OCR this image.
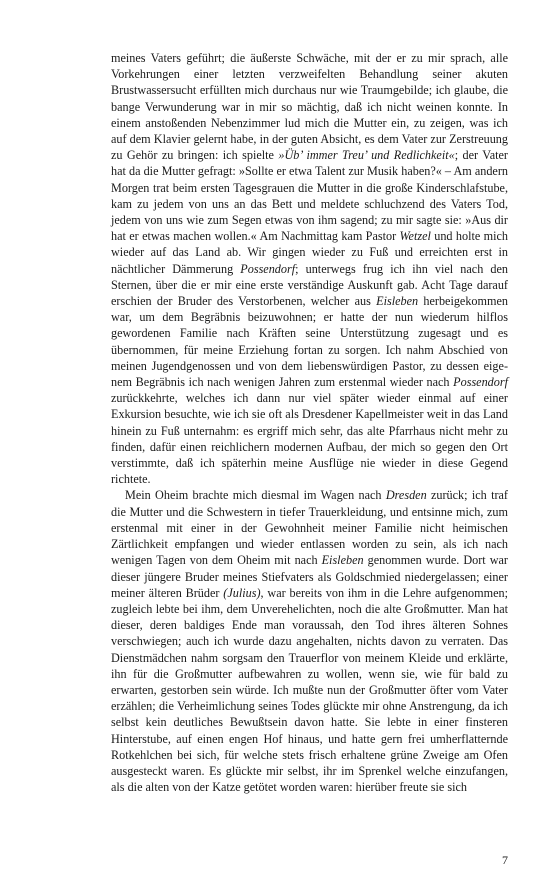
meines Vaters geführt; die äußerste Schwäche, mit der er zu mir sprach, alle Vorkehrungen einer letzten verzweifelten Behandlung seiner akuten Brustwassersucht erfüllten mich durchaus nur wie Traumgebilde; ich glaube, die bange Verwunderung war in mir so mächtig, daß ich nicht weinen konnte. In einem anstoßenden Nebenzimmer lud mich die Mutter ein, zu zeigen, was ich auf dem Klavier gelernt habe, in der guten Absicht, es dem Vater zur Zerstreuung zu Gehör zu bringen: ich spielte »Üb’ immer Treu’ und Redlichkeit«; der Vater hat da die Mutter gefragt: »Sollte er etwa Talent zur Musik haben?« – Am andern Morgen trat beim ersten Tagesgrauen die Mutter in die große Kinderschlafstube, kam zu jedem von uns an das Bett und meldete schluchzend des Vaters Tod, jedem von uns wie zum Segen etwas von ihm sagend; zu mir sagte sie: »Aus dir hat er etwas machen wollen.« Am Nachmittag kam Pastor Wetzel und holte mich wieder auf das Land ab. Wir gingen wieder zu Fuß und erreichten erst in nächtlicher Dämmerung Possendorf; unterwegs frug ich ihn viel nach den Sternen, über die er mir eine erste verständige Auskunft gab. Acht Tage darauf erschien der Bruder des Verstorbenen, welcher aus Eisleben herbeigekommen war, um dem Begräbnis beizuwohnen; er hatte der nun wiederum hilflos gewordenen Familie nach Kräften seine Unterstützung zugesagt und es übernommen, für meine Erziehung fortan zu sorgen. Ich nahm Abschied von meinen Jugendgenossen und von dem liebenswürdigen Pastor, zu dessen eigenem Begräbnis ich nach wenigen Jahren zum erstenmal wieder nach Possendorf zurückkehrte, welches ich dann nur viel später wieder einmal auf einer Exkursion besuchte, wie ich sie oft als Dresdener Kapellmeister weit in das Land hinein zu Fuß unternahm: es ergriff mich sehr, das alte Pfarrhaus nicht mehr zu finden, dafür einen reichlichern modernen Aufbau, der mich so gegen den Ort verstimmte, daß ich späterhin meine Ausflüge nie wieder in diese Gegend richtete.

Mein Oheim brachte mich diesmal im Wagen nach Dresden zurück; ich traf die Mutter und die Schwestern in tiefer Trauerkleidung, und entsinne mich, zum erstenmal mit einer in der Gewohnheit meiner Familie nicht heimischen Zärtlichkeit empfangen und wieder entlassen worden zu sein, als ich nach wenigen Tagen von dem Oheim mit nach Eisleben genommen wurde. Dort war dieser jüngere Bruder meines Stiefvaters als Goldschmied niedergelassen; einer meiner älteren Brüder (Julius), war bereits von ihm in die Lehre aufgenommen; zugleich lebte bei ihm, dem Unverehelichten, noch die alte Großmutter. Man hat dieser, deren baldiges Ende man voraussah, den Tod ihres älteren Sohnes verschwiegen; auch ich wurde dazu angehalten, nichts davon zu verraten. Das Dienstmädchen nahm sorgsam den Trauerflor von meinem Kleide und erklärte, ihn für die Großmutter aufbewahren zu wollen, wenn sie, wie für bald zu erwarten, gestorben sein würde. Ich mußte nun der Großmutter öfter vom Vater erzählen; die Verheimlichung seines Todes glückte mir ohne Anstrengung, da ich selbst kein deutliches Bewußtsein davon hatte. Sie lebte in einer finsteren Hinterstube, auf einen engen Hof hinaus, und hatte gern frei umherflatternde Rotkehlchen bei sich, für welche stets frisch erhaltene grüne Zweige am Ofen ausgesteckt waren. Es glückte mir selbst, ihr im Sprenkel welche einzufangen, als die alten von der Katze getötet worden waren: hierüber freute sie sich

7
